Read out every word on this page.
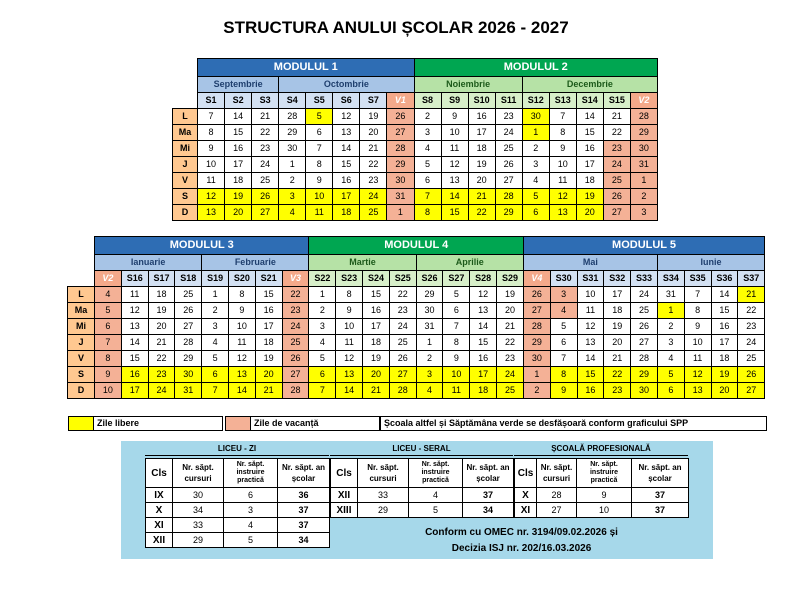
STRUCTURA ANULUI ȘCOLAR 2026 - 2027
	MODULUL 1								MODULUL 2								
	Septembrie			Octombrie					Noiembrie				Decembrie				
	S1	S2	S3	S4	S5	S6	S7	V1	S8	S9	S10	S11	S12	S13	S14	S15	V2
L	7	14	21	28	5	12	19	26	2	9	16	23	30	7	14	21	28
Ma	8	15	22	29	6	13	20	27	3	10	17	24	1	8	15	22	29
Mi	9	16	23	30	7	14	21	28	4	11	18	25	2	9	16	23	30
J	10	17	24	1	8	15	22	29	5	12	19	26	3	10	17	24	31
V	11	18	25	2	9	16	23	30	6	13	20	27	4	11	18	25	1
S	12	19	26	3	10	17	24	31	7	14	21	28	5	12	19	26	2
D	13	20	27	4	11	18	25	1	8	15	22	29	6	13	20	27	3
	MODULUL 3								MODULUL 4								MODULUL 5								
	Ianuarie				Februarie				Martie				Aprilie				Mai					Iunie			
	V2	S16	S17	S18	S19	S20	S21	V3	S22	S23	S24	S25	S26	S27	S28	S29	V4	S30	S31	S32	S33	S34	S35	S36	S37
L	4	11	18	25	1	8	15	22	1	8	15	22	29	5	12	19	26	3	10	17	24	31	7	14	21
Ma	5	12	19	26	2	9	16	23	2	9	16	23	30	6	13	20	27	4	11	18	25	1	8	15	22
Mi	6	13	20	27	3	10	17	24	3	10	17	24	31	7	14	21	28	5	12	19	26	2	9	16	23
J	7	14	21	28	4	11	18	25	4	11	18	25	1	8	15	22	29	6	13	20	27	3	10	17	24
V	8	15	22	29	5	12	19	26	5	12	19	26	2	9	16	23	30	7	14	21	28	4	11	18	25
S	9	16	23	30	6	13	20	27	6	13	20	27	3	10	17	24	1	8	15	22	29	5	12	19	26
D	10	17	24	31	7	14	21	28	7	14	21	28	4	11	18	25	2	9	16	23	30	6	13	20	27
Zile libere	Zile de vacanță	Școala altfel și Săptămâna verde se desfășoară conform graficului SPP
LICEU - ZI	LICEU - SERAL	ȘCOALĂ PROFESIONALĂ
Cls	Nr. săpt. cursuri	Nr. săpt. instruire practică	Nr. săpt. an școlar
IX	30	6	36
X	34	3	37
XI	33	4	37
XII	29	5	34
Cls	Nr. săpt. cursuri	Nr. săpt. instruire practică	Nr. săpt. an școlar
XII	33	4	37
XIII	29	5	34
Cls	Nr. săpt. cursuri	Nr. săpt. instruire practică	Nr. săpt. an școlar
X	28	9	37
XI	27	10	37
Conform cu OMEC nr. 3194/09.02.2026 și
Decizia ISJ nr. 202/16.03.2026
